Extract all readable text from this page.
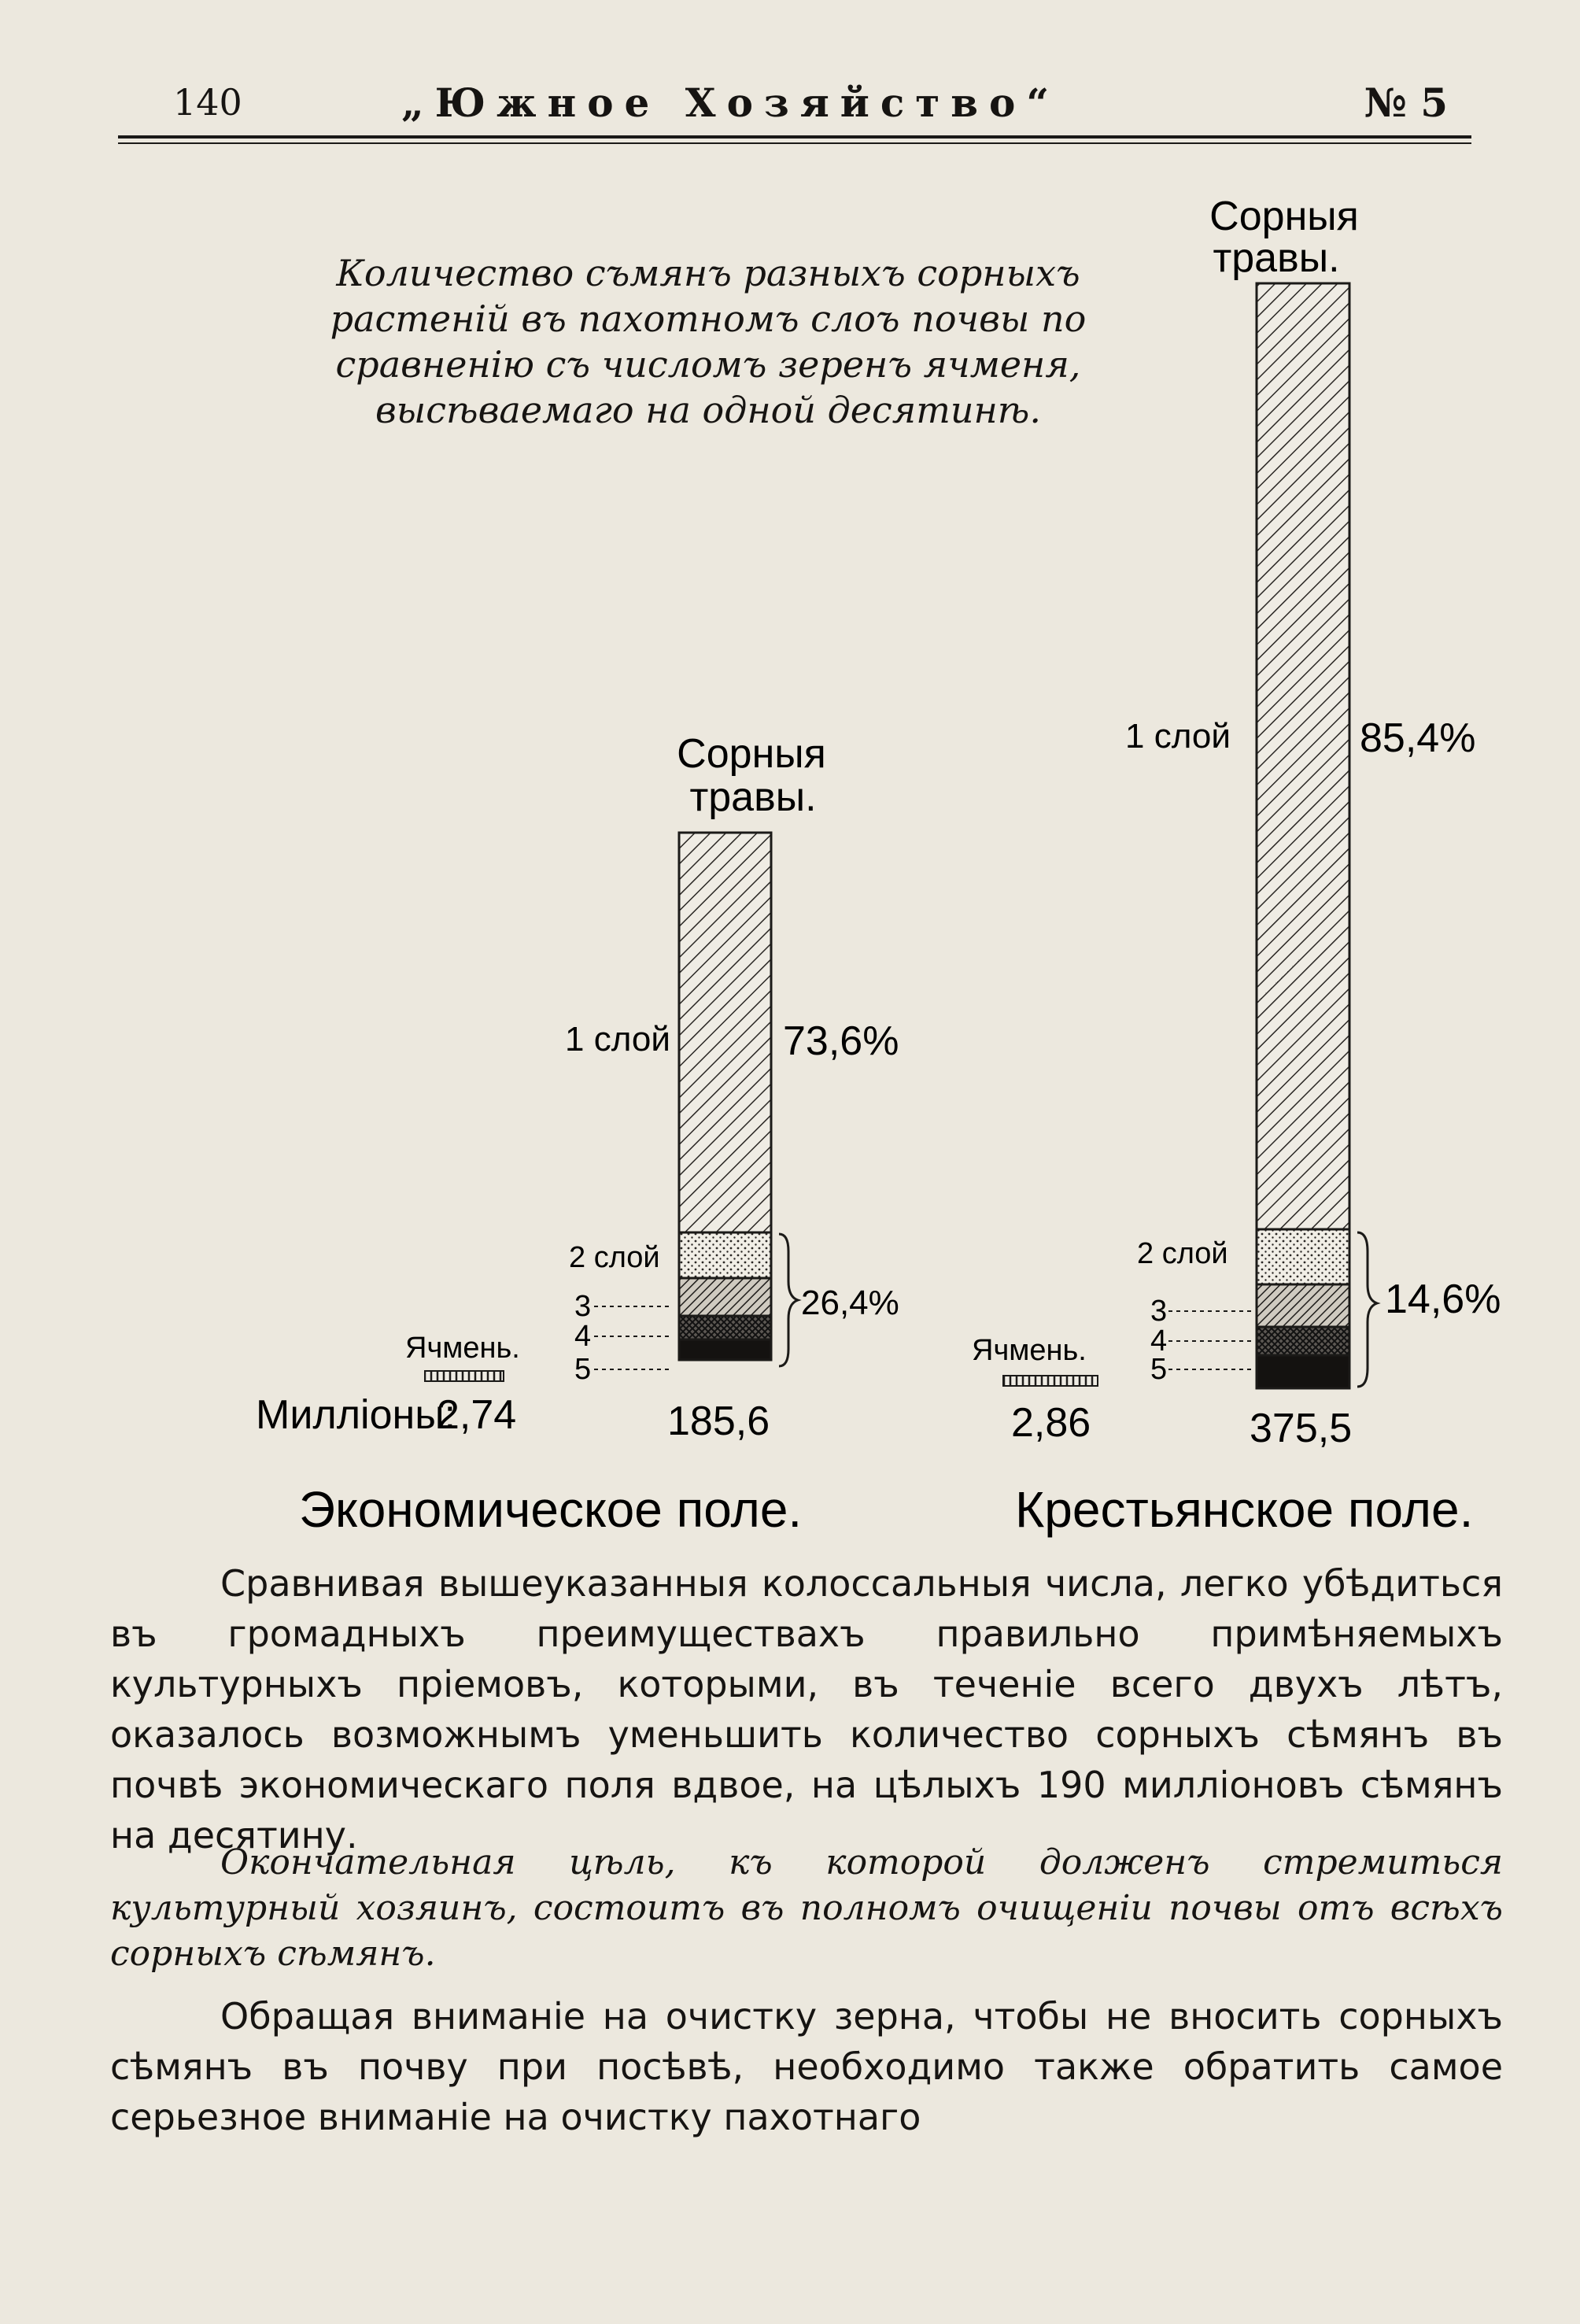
140	„Южное Хозяйство“	№ 5
Количество съмянъ разныхъ сорныхъ растеній въ пахотномъ слоъ почвы по сравненію съ числомъ зеренъ ячменя, высѣваемаго на одной десятинѣ.
Сорныя
травы.
1 слой	73,6%
2 слой
3
4
5
26,4%
Ячмень.
Милліоны:
2,74	185,6
Экономическое поле.
Сорныя
травы.
1 слой	85,4%
2 слой
3
4
5
14,6%
Ячмень.
2,86	375,5
Крестьянское поле.
Сравнивая вышеуказанныя колоссальныя числа, легко убѣдиться въ громадныхъ преимуществахъ правильно примѣняемыхъ культурныхъ пріемовъ, которыми, въ теченіе всего двухъ лѣтъ, оказалось возможнымъ уменьшить количество сорныхъ сѣмянъ въ почвѣ экономическаго поля вдвое, на цѣлыхъ 190 милліоновъ сѣмянъ на десятину.
Окончательная цѣль, къ которой долженъ стремиться культурный хозяинъ, состоитъ въ полномъ очищеніи почвы отъ всѣхъ сорныхъ сѣмянъ.
Обращая вниманіе на очистку зерна, чтобы не вносить сорныхъ сѣмянъ въ почву при посѣвѣ, необходимо также обратить самое серьезное вниманіе на очистку пахотнаго
